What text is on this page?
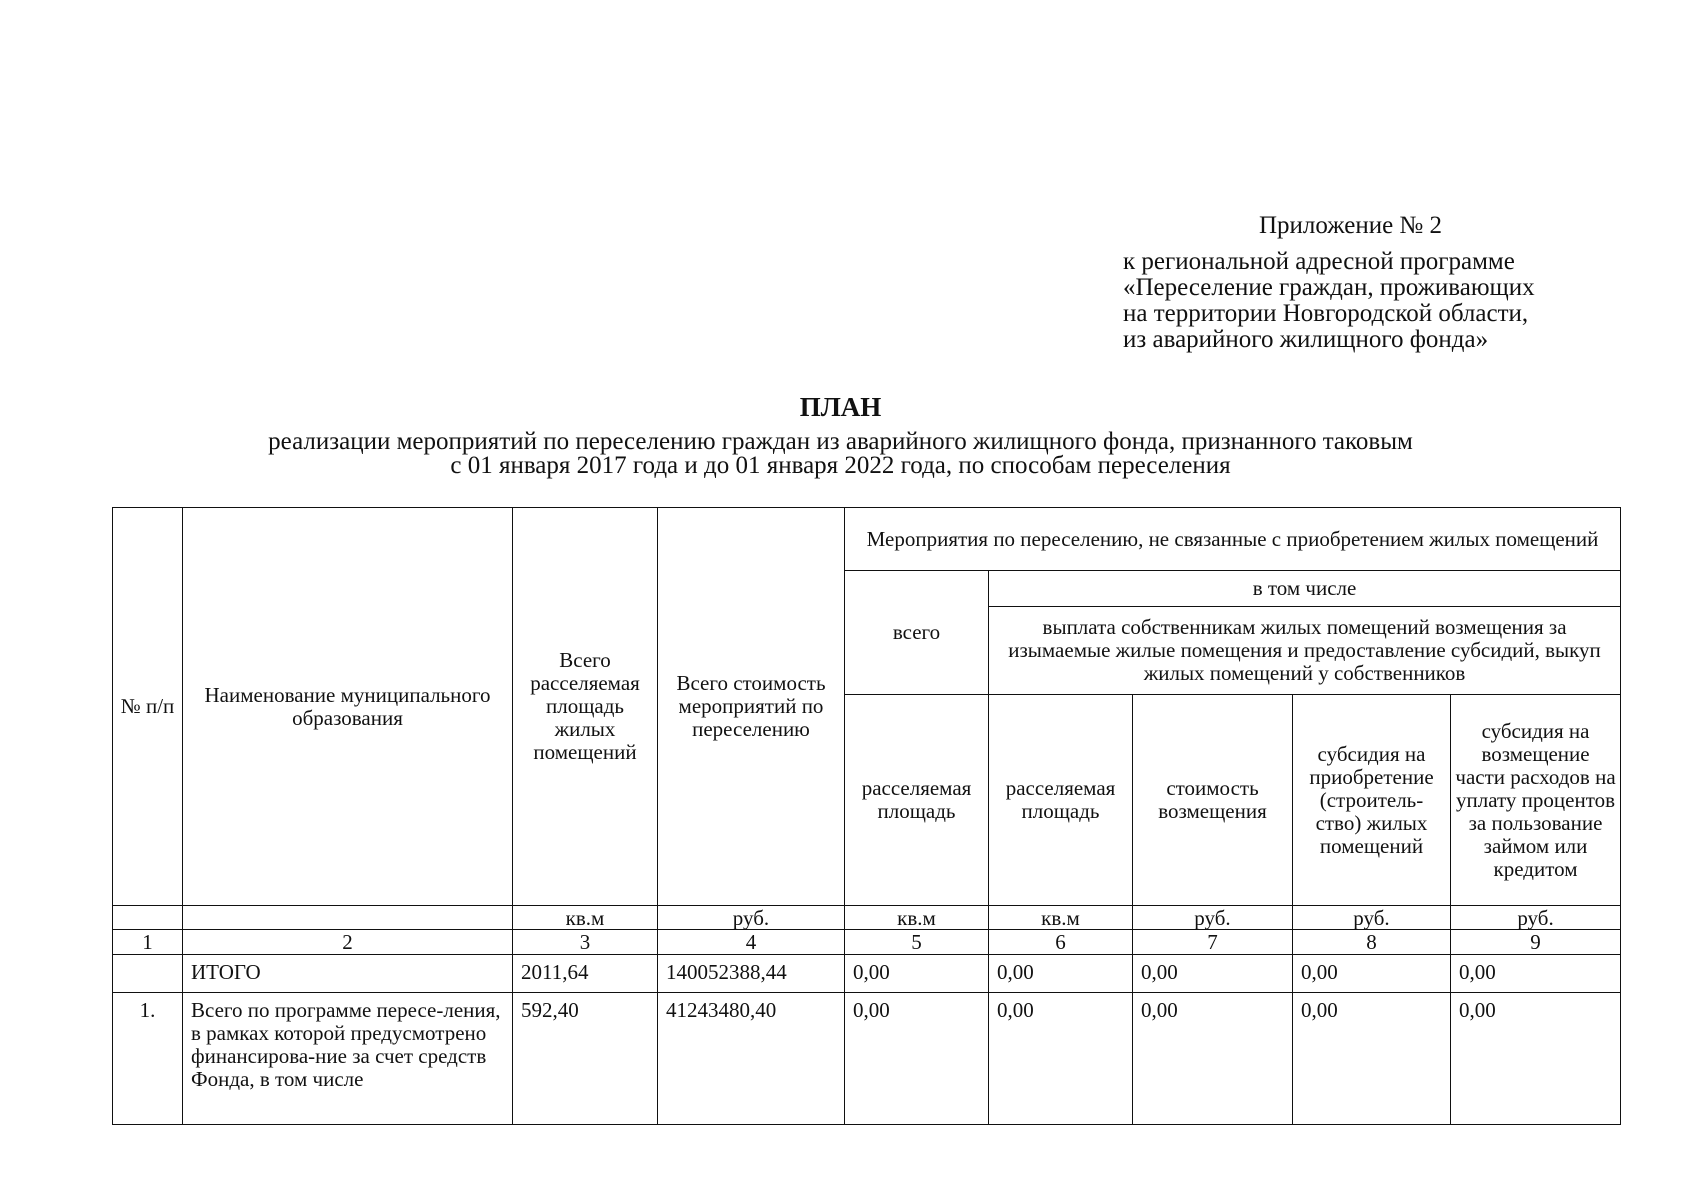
Приложение № 2
к региональной адресной программе
«Переселение граждан, проживающих
на территории Новгородской области,
из аварийного жилищного фонда»
ПЛАН
реализации мероприятий по переселению граждан из аварийного жилищного фонда, признанного таковым
с 01 января 2017 года и до 01 января 2022 года, по способам переселения
№ п/п	Наименование муниципального образования	Всего расселяемая площадь жилых помещений	Всего стоимость мероприятий по переселению	Мероприятия по переселению, не связанные с приобретением жилых помещений				
				всего	в том числе			
					выплата собственникам жилых помещений возмещения за изымаемые жилые помещения и предоставление субсидий, выкуп жилых помещений у собственников			
				расселяемая площадь	расселяемая площадь	стоимость возмещения	субсидия на приобретение (строитель-ство) жилых помещений	субсидия на возмещение части расходов на уплату процентов за пользование займом или кредитом
		кв.м	руб.	кв.м	кв.м	руб.	руб.	руб.
1	2	3	4	5	6	7	8	9
	ИТОГО	2011,64	140052388,44	0,00	0,00	0,00	0,00	0,00
1.	Всего по программе пересе-ления, в рамках которой предусмотрено финансирова-ние за счет средств Фонда, в том числе	592,40	41243480,40	0,00	0,00	0,00	0,00	0,00
